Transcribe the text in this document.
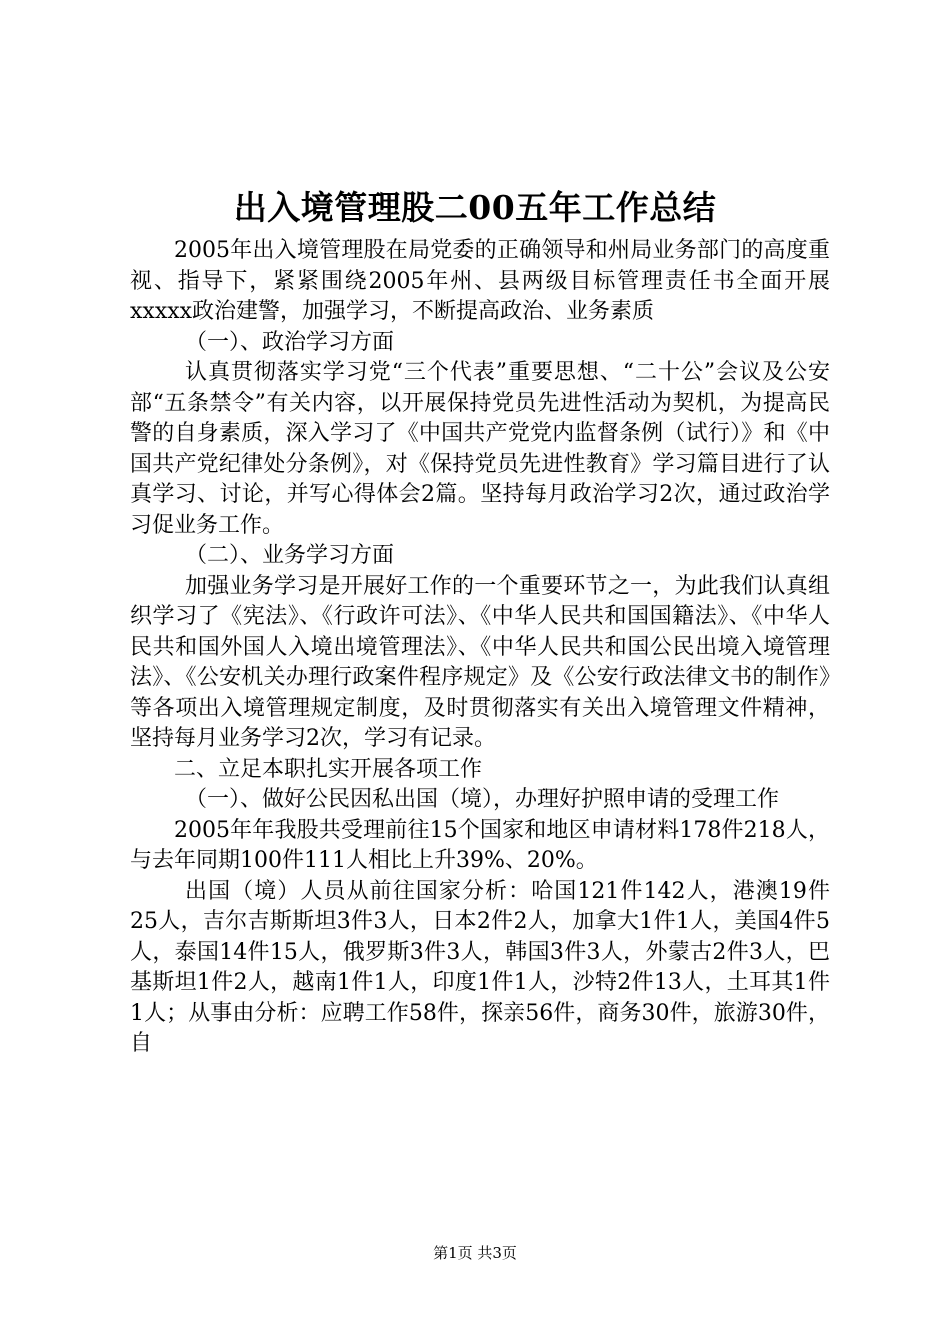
出入境管理股二00五年工作总结

2005年出入境管理股在局党委的正确领导和州局业务部门的高度重视、指导下，紧紧围绕2005年州、县两级目标管理责任书全面开展xxxxx政治建警，加强学习，不断提高政治、业务素质

（一）、政治学习方面

认真贯彻落实学习党“三个代表”重要思想、“二十公”会议及公安部“五条禁令”有关内容，以开展保持党员先进性活动为契机，为提高民警的自身素质，深入学习了《中国共产党党内监督条例（试行）》和《中国共产党纪律处分条例》，对《保持党员先进性教育》学习篇目进行了认真学习、讨论，并写心得体会2篇。坚持每月政治学习2次，通过政治学习促业务工作。

（二）、业务学习方面

加强业务学习是开展好工作的一个重要环节之一，为此我们认真组织学习了《宪法》、《行政许可法》、《中华人民共和国国籍法》、《中华人民共和国外国人入境出境管理法》、《中华人民共和国公民出境入境管理法》、《公安机关办理行政案件程序规定》及《公安行政法律文书的制作》等各项出入境管理规定制度，及时贯彻落实有关出入境管理文件精神，坚持每月业务学习2次，学习有记录。

二、立足本职扎实开展各项工作

（一）、做好公民因私出国（境），办理好护照申请的受理工作

2005年年我股共受理前往15个国家和地区申请材料178件218人，与去年同期100件111人相比上升39%、20%。

出国（境）人员从前往国家分析：哈国121件142人，港澳19件25人，吉尔吉斯斯坦3件3人，日本2件2人，加拿大1件1人，美国4件5人，泰国14件15人，俄罗斯3件3人，韩国3件3人，外蒙古2件3人，巴基斯坦1件2人，越南1件1人，印度1件1人，沙特2件13人，土耳其1件1人；从事由分析：应聘工作58件，探亲56件，商务30件，旅游30件，自

第1页 共3页
